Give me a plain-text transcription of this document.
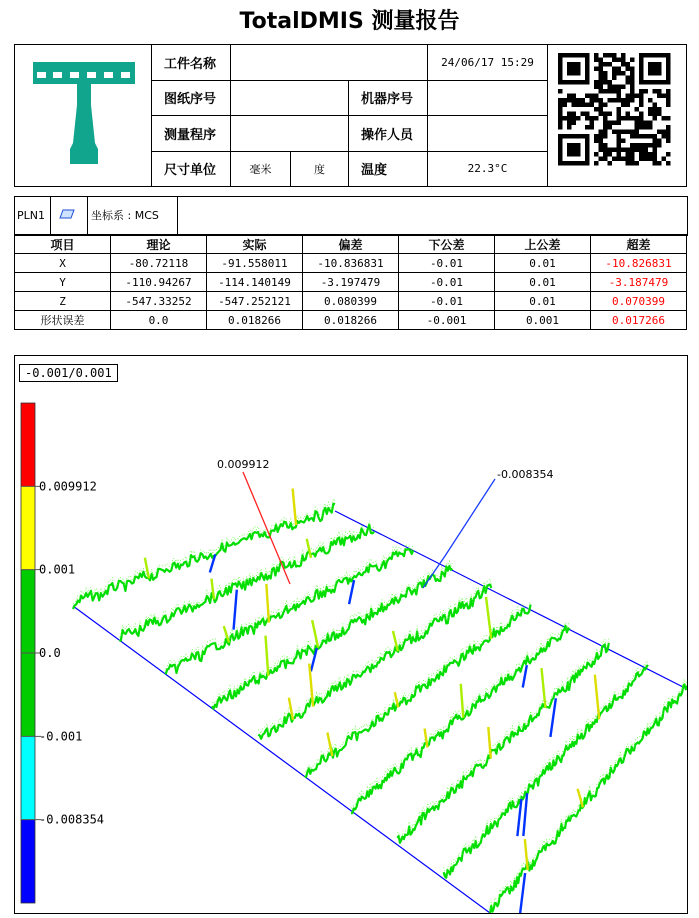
TotalDMIS 测量报告
	工件名称				24/06/17 15:29	
	图纸序号			机器序号		
	测量程序			操作人员		
	尺寸单位	毫米	度	温度	22.3°C	
PLN1	坐标系 : MCS
项目	理论	实际	偏差	下公差	上公差	超差
X	-80.72118	-91.558011	-10.836831	-0.01	0.01	-10.826831
Y	-110.94267	-114.140149	-3.197479	-0.01	0.01	-3.187479
Z	-547.33252	-547.252121	0.080399	-0.01	0.01	0.070399
形状误差	0.0	0.018266	0.018266	-0.001	0.001	0.017266
-0.001/0.001
0.009912
0.001
0.0
-0.001
-0.008354
0.009912
-0.008354
